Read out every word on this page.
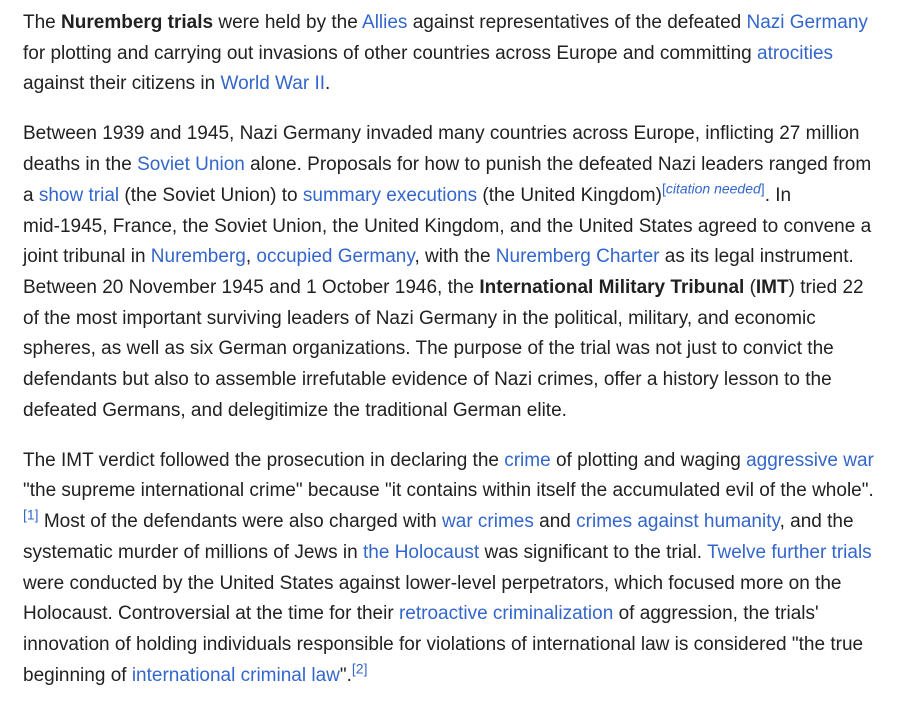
The Nuremberg trials were held by the Allies against representatives of the defeated Nazi Germany
for plotting and carrying out invasions of other countries across Europe and committing atrocities
against their citizens in World War II.

Between 1939 and 1945, Nazi Germany invaded many countries across Europe, inflicting 27 million
deaths in the Soviet Union alone. Proposals for how to punish the defeated Nazi leaders ranged from
a show trial (the Soviet Union) to summary executions (the United Kingdom)[citation needed]. In
mid-1945, France, the Soviet Union, the United Kingdom, and the United States agreed to convene a
joint tribunal in Nuremberg, occupied Germany, with the Nuremberg Charter as its legal instrument.
Between 20 November 1945 and 1 October 1946, the International Military Tribunal (IMT) tried 22
of the most important surviving leaders of Nazi Germany in the political, military, and economic
spheres, as well as six German organizations. The purpose of the trial was not just to convict the
defendants but also to assemble irrefutable evidence of Nazi crimes, offer a history lesson to the
defeated Germans, and delegitimize the traditional German elite.

The IMT verdict followed the prosecution in declaring the crime of plotting and waging aggressive war
"the supreme international crime" because "it contains within itself the accumulated evil of the whole".
[1] Most of the defendants were also charged with war crimes and crimes against humanity, and the
systematic murder of millions of Jews in the Holocaust was significant to the trial. Twelve further trials
were conducted by the United States against lower-level perpetrators, which focused more on the
Holocaust. Controversial at the time for their retroactive criminalization of aggression, the trials'
innovation of holding individuals responsible for violations of international law is considered "the true
beginning of international criminal law".[2]
